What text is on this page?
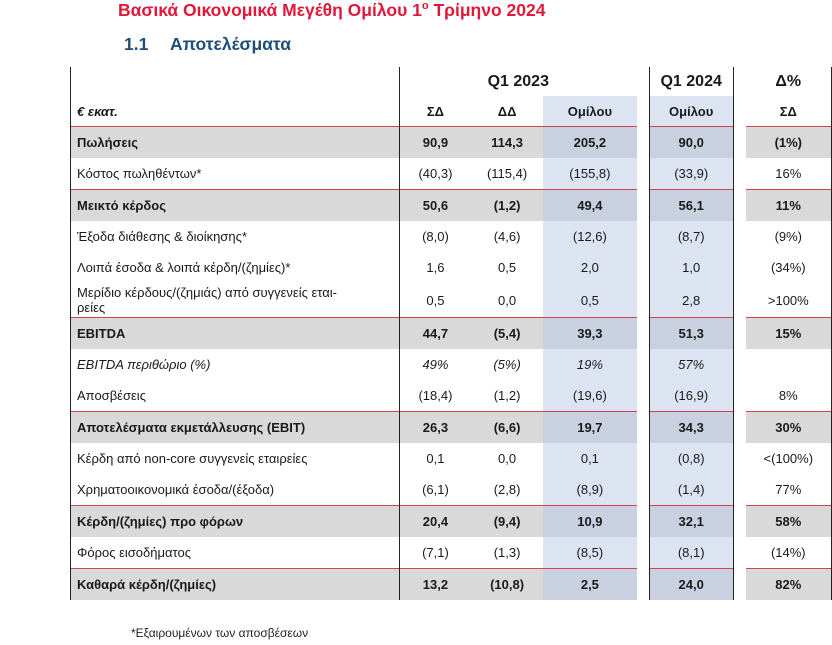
Βασικά Οικονομικά Μεγέθη Ομίλου $1^o$ Τρίμηνο 2024
1.1 Αποτελέσματα
	Q1 2023				Q1 2024		Δ%
€ εκατ.	ΣΔ	ΔΔ	Ομίλου		Ομίλου		ΣΔ
Πωλήσεις	90,9	114,3	205,2		90,0		(1%)
Κόστος πωληθέντων*	(40,3)	(115,4)	(155,8)		(33,9)		16%
Μεικτό κέρδος	50,6	(1,2)	49,4		56,1		11%
Έξοδα διάθεσης & διοίκησης*	(8,0)	(4,6)	(12,6)		(8,7)		(9%)
Λοιπά έσοδα & λοιπά κέρδη/(ζημίες)*	1,6	0,5	2,0		1,0		(34%)
Μερίδιο κέρδους/(ζημιάς) από συγγενείς εται-
ρείες	0,5	0,0	0,5		2,8		>100%
EBITDA	44,7	(5,4)	39,3		51,3		15%
EBITDA περιθώριο (%)	49%	(5%)	19%		57%		
Αποσβέσεις	(18,4)	(1,2)	(19,6)		(16,9)		8%
Αποτελέσματα εκμετάλλευσης (EBIT)	26,3	(6,6)	19,7		34,3		30%
Κέρδη από non-core συγγενείς εταιρείες	0,1	0,0	0,1		(0,8)		<(100%)
Χρηματοοικονομικά έσοδα/(έξοδα)	(6,1)	(2,8)	(8,9)		(1,4)		77%
Κέρδη/(ζημίες) προ φόρων	20,4	(9,4)	10,9		32,1		58%
Φόρος εισοδήματος	(7,1)	(1,3)	(8,5)		(8,1)		(14%)
Καθαρά κέρδη/(ζημίες)	13,2	(10,8)	2,5		24,0		82%
*Εξαιρουμένων των αποσβέσεων
